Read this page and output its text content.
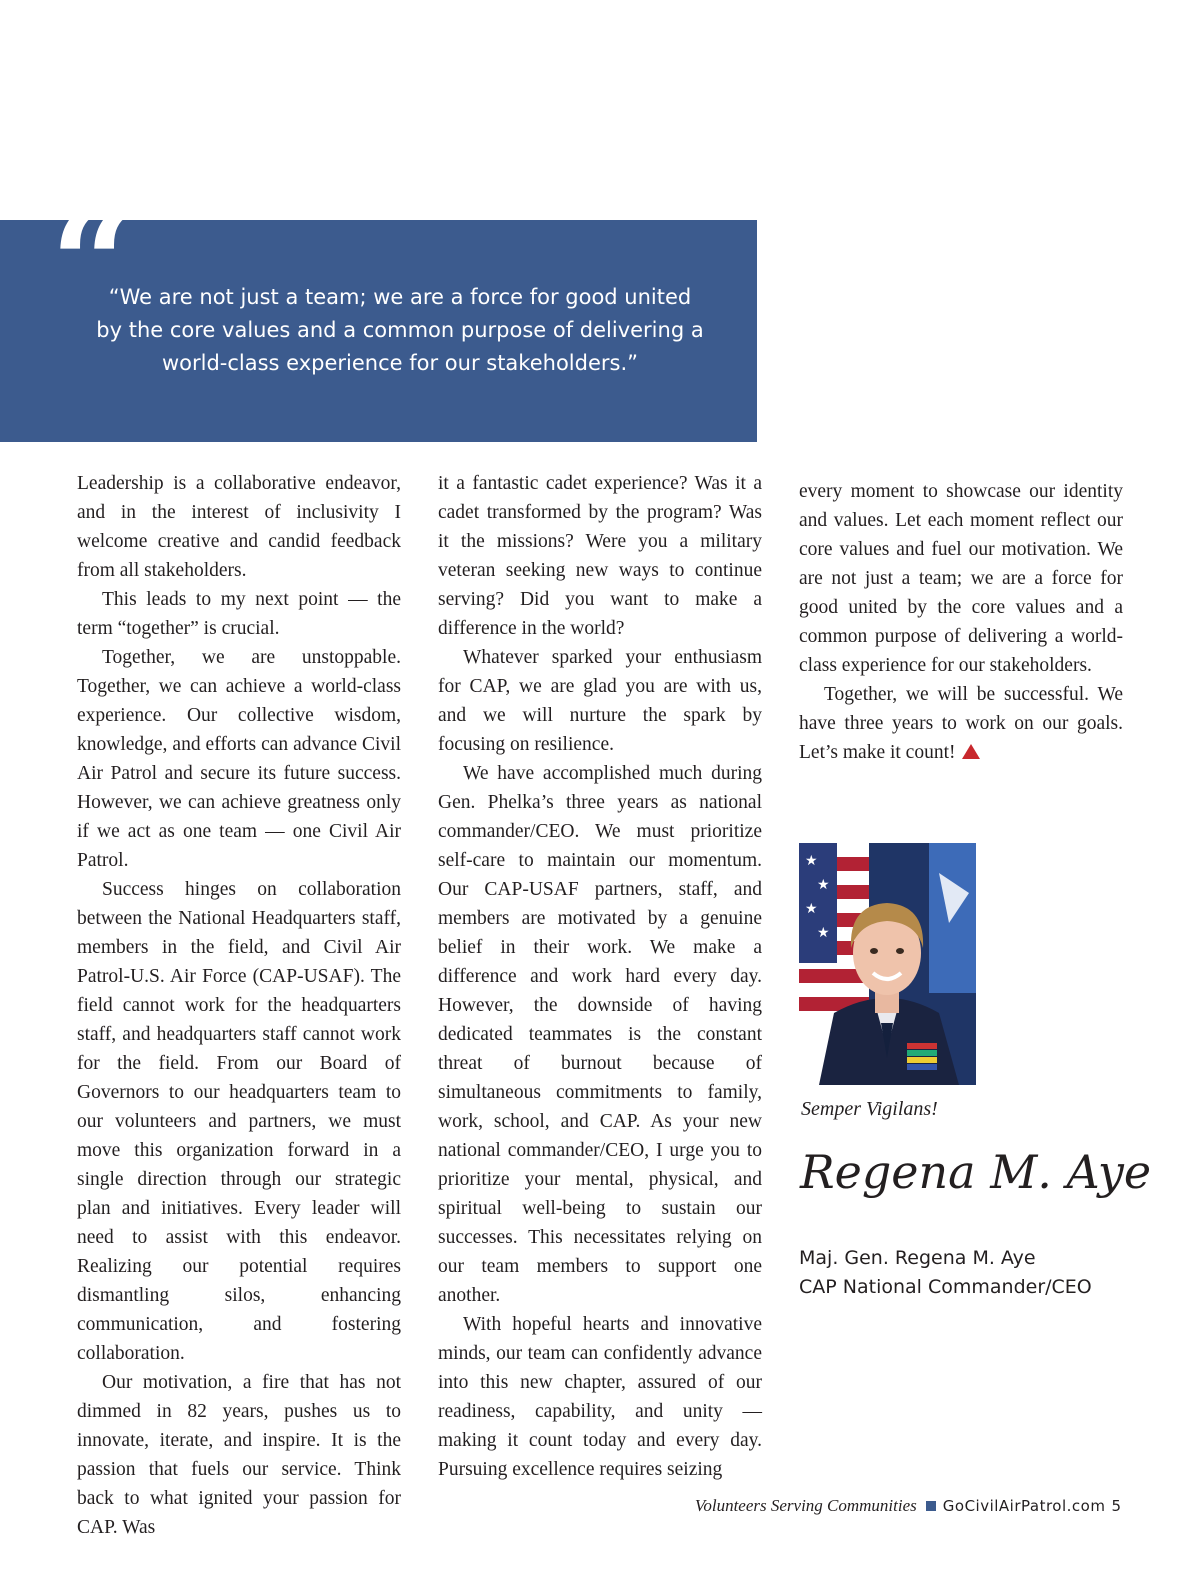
“
“We are not just a team; we are a force for good united
by the core values and a common purpose of delivering a
world-class experience for our stakeholders.”

Leadership is a collaborative endeavor, and in the interest of inclusivity I welcome creative and candid feedback from all stakeholders.

This leads to my next point — the term “together” is crucial.

Together, we are unstoppable. Together, we can achieve a world-class experience. Our collective wisdom, knowledge, and efforts can advance Civil Air Patrol and secure its future success. However, we can achieve greatness only if we act as one team — one Civil Air Patrol.

Success hinges on collaboration between the National Headquarters staff, members in the field, and Civil Air Patrol-U.S. Air Force (CAP-USAF). The field cannot work for the headquarters staff, and headquarters staff cannot work for the field. From our Board of Governors to our headquarters team to our volunteers and partners, we must move this organization forward in a single direction through our strategic plan and initiatives. Every leader will need to assist with this endeavor. Realizing our potential requires dismantling silos, enhancing communication, and fostering collaboration.

Our motivation, a fire that has not dimmed in 82 years, pushes us to innovate, iterate, and inspire. It is the passion that fuels our service. Think back to what ignited your passion for CAP. Was

it a fantastic cadet experience? Was it a cadet transformed by the program? Was it the missions? Were you a military veteran seeking new ways to continue serving? Did you want to make a difference in the world?

Whatever sparked your enthusiasm for CAP, we are glad you are with us, and we will nurture the spark by focusing on resilience.

We have accomplished much during Gen. Phelka’s three years as national commander/CEO. We must prioritize self-care to maintain our momentum. Our CAP-USAF partners, staff, and members are motivated by a genuine belief in their work. We make a difference and work hard every day. However, the downside of having dedicated teammates is the constant threat of burnout because of simultaneous commitments to family, work, school, and CAP. As your new national commander/CEO, I urge you to prioritize your mental, physical, and spiritual well-being to sustain our successes. This necessitates relying on our team members to support one another.

With hopeful hearts and innovative minds, our team can confidently advance into this new chapter, assured of our readiness, capability, and unity — making it count today and every day. Pursuing excellence requires seizing

every moment to showcase our identity and values. Let each moment reflect our core values and fuel our motivation. We are not just a team; we are a force for good united by the core values and a common purpose of delivering a world-class experience for our stakeholders.

Together, we will be successful. We have three years to work on our goals. Let’s make it count!

★
★
★
★
Semper Vigilans!
Regena M. Aye
Maj. Gen. Regena M. Aye
CAP National Commander/CEO
Volunteers Serving Communities GoCivilAirPatrol.com 5
